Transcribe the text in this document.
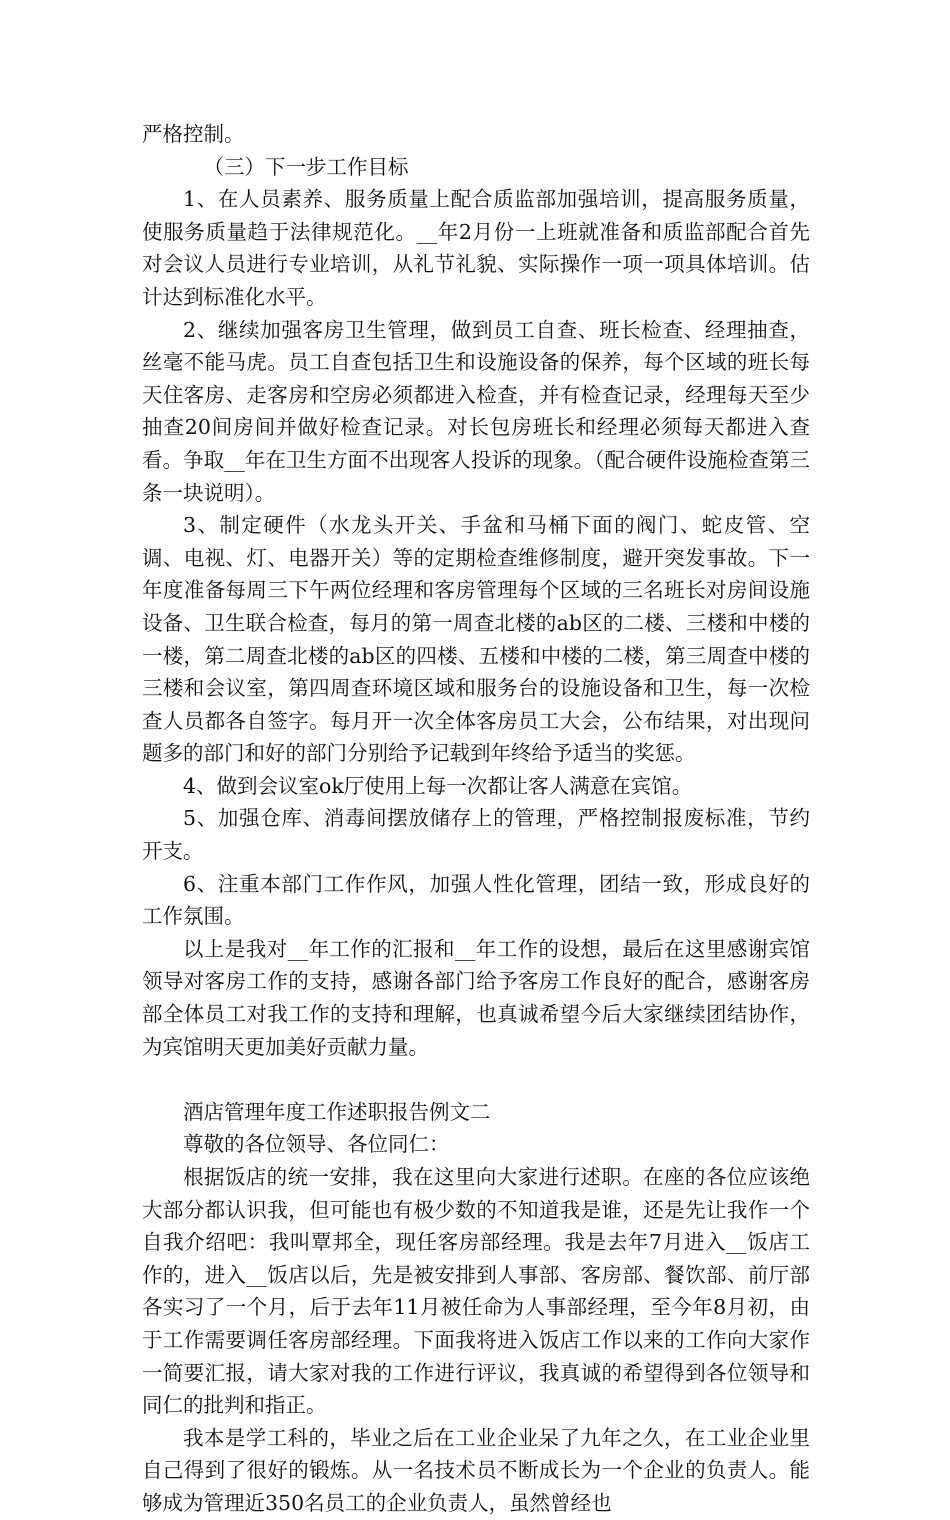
严格控制。

（三）下一步工作目标

1、在人员素养、服务质量上配合质监部加强培训，提高服务质量，使服务质量趋于法律规范化。__年2月份一上班就准备和质监部配合首先对会议人员进行专业培训，从礼节礼貌、实际操作一项一项具体培训。估计达到标准化水平。

2、继续加强客房卫生管理，做到员工自查、班长检查、经理抽查，丝毫不能马虎。员工自查包括卫生和设施设备的保养，每个区域的班长每天住客房、走客房和空房必须都进入检查，并有检查记录，经理每天至少抽查20间房间并做好检查记录。对长包房班长和经理必须每天都进入查看。争取__年在卫生方面不出现客人投诉的现象。（配合硬件设施检查第三条一块说明）。

3、制定硬件（水龙头开关、手盆和马桶下面的阀门、蛇皮管、空调、电视、灯、电器开关）等的定期检查维修制度，避开突发事故。下一年度准备每周三下午两位经理和客房管理每个区域的三名班长对房间设施设备、卫生联合检查，每月的第一周查北楼的ab区的二楼、三楼和中楼的一楼，第二周查北楼的ab区的四楼、五楼和中楼的二楼，第三周查中楼的三楼和会议室，第四周查环境区域和服务台的设施设备和卫生，每一次检查人员都各自签字。每月开一次全体客房员工大会，公布结果，对出现问题多的部门和好的部门分别给予记载到年终给予适当的奖惩。

4、做到会议室ok厅使用上每一次都让客人满意在宾馆。

5、加强仓库、消毒间摆放储存上的管理，严格控制报废标准，节约开支。

6、注重本部门工作作风，加强人性化管理，团结一致，形成良好的工作氛围。

以上是我对__年工作的汇报和__年工作的设想，最后在这里感谢宾馆领导对客房工作的支持，感谢各部门给予客房工作良好的配合，感谢客房部全体员工对我工作的支持和理解，也真诚希望今后大家继续团结协作，为宾馆明天更加美好贡献力量。

酒店管理年度工作述职报告例文二

尊敬的各位领导、各位同仁：

根据饭店的统一安排，我在这里向大家进行述职。在座的各位应该绝大部分都认识我，但可能也有极少数的不知道我是谁，还是先让我作一个自我介绍吧：我叫覃邦全，现任客房部经理。我是去年7月进入__饭店工作的，进入__饭店以后，先是被安排到人事部、客房部、餐饮部、前厅部各实习了一个月，后于去年11月被任命为人事部经理，至今年8月初，由于工作需要调任客房部经理。下面我将进入饭店工作以来的工作向大家作一简要汇报，请大家对我的工作进行评议，我真诚的希望得到各位领导和同仁的批判和指正。

我本是学工科的，毕业之后在工业企业呆了九年之久，在工业企业里自己得到了很好的锻炼。从一名技术员不断成长为一个企业的负责人。能够成为管理近350名员工的企业负责人，虽然曾经也
